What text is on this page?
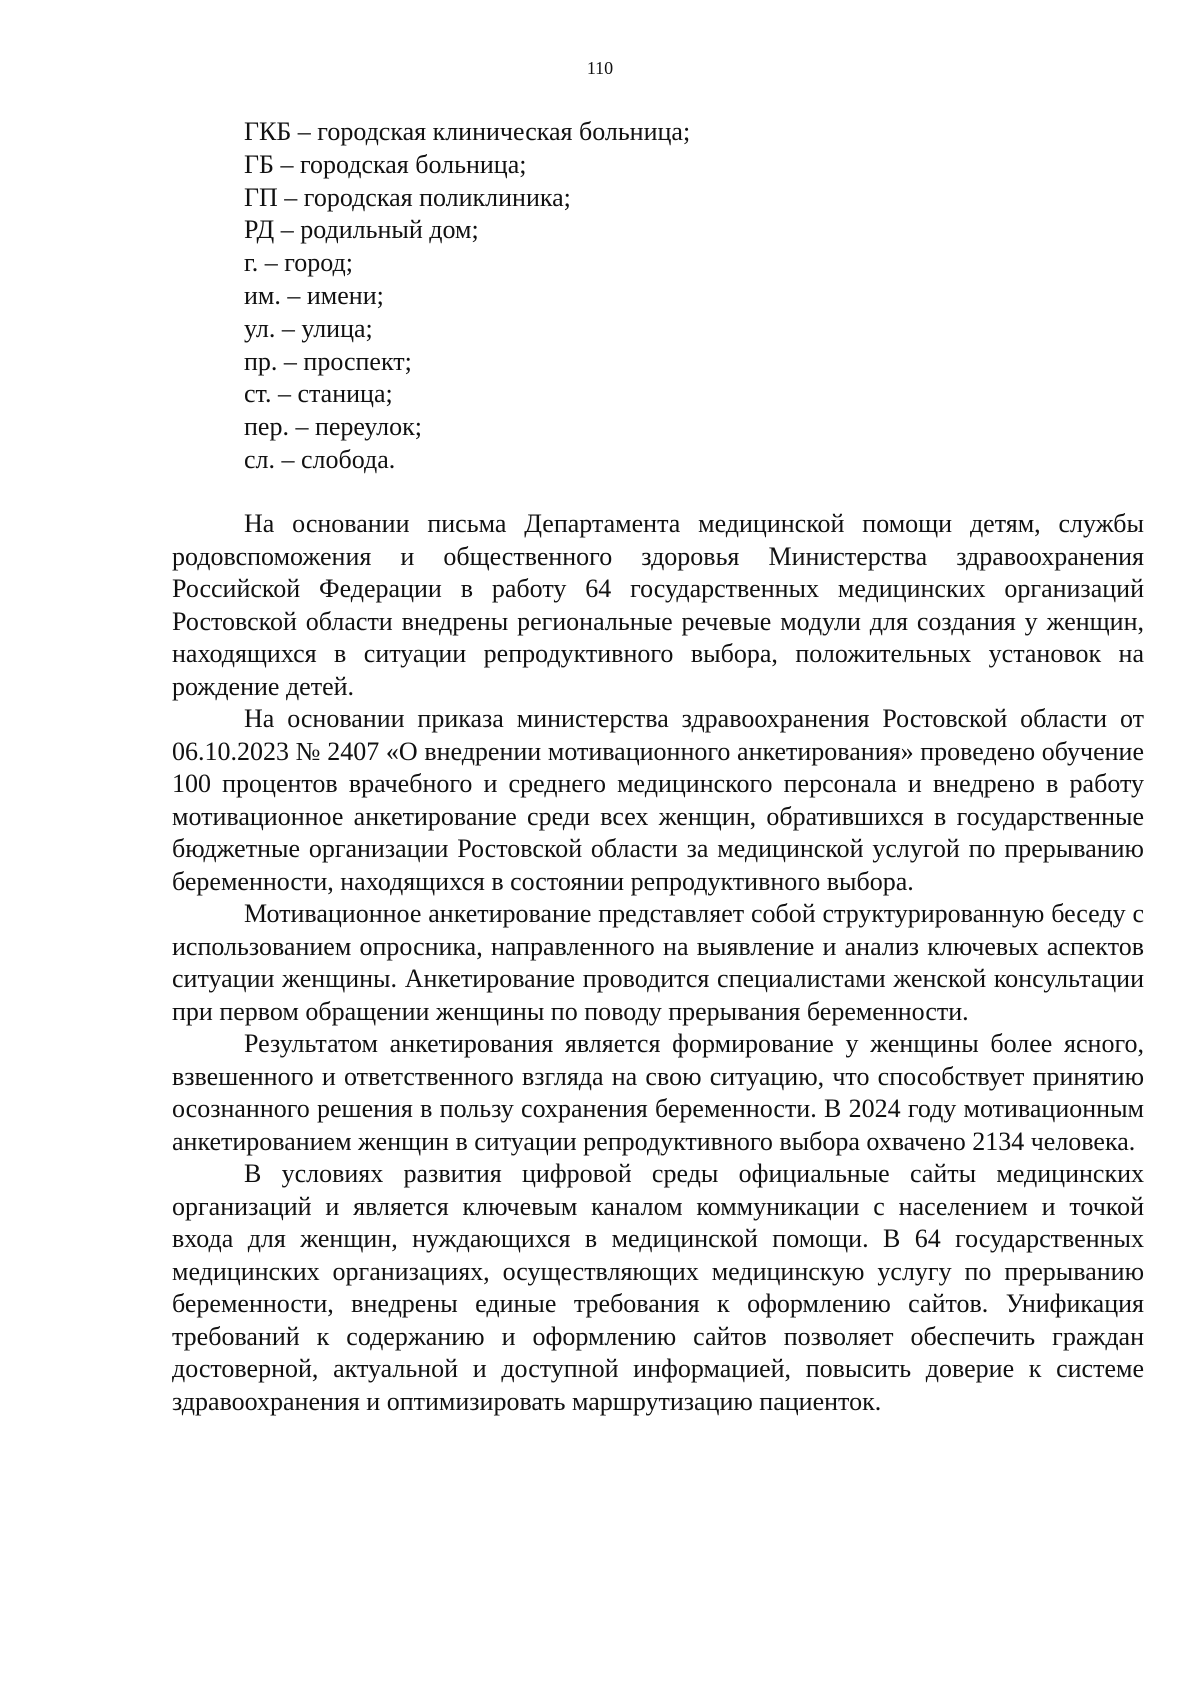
110
ГКБ – городская клиническая больница;
ГБ – городская больница;
ГП – городская поликлиника;
РД – родильный дом;
г. – город;
им. – имени;
ул. – улица;
пр. – проспект;
ст. – станица;
пер. – переулок;
сл. – слобода.

На основании письма Департамента медицинской помощи детям, службы родовспоможения и общественного здоровья Министерства здравоохранения Российской Федерации в работу 64 государственных медицинских организаций Ростовской области внедрены региональные речевые модули для создания у женщин, находящихся в ситуации репродуктивного выбора, положительных установок на рождение детей.

На основании приказа министерства здравоохранения Ростовской области от 06.10.2023 № 2407 «О внедрении мотивационного анкетирования» проведено обучение 100 процентов врачебного и среднего медицинского персонала и внедрено в работу мотивационное анкетирование среди всех женщин, обратившихся в государственные бюджетные организации Ростовской области за медицинской услугой по прерыванию беременности, находящихся в состоянии репродуктивного выбора.

Мотивационное анкетирование представляет собой структурированную беседу с использованием опросника, направленного на выявление и анализ ключевых аспектов ситуации женщины. Анкетирование проводится специалистами женской консультации при первом обращении женщины по поводу прерывания беременности.

Результатом анкетирования является формирование у женщины более ясного, взвешенного и ответственного взгляда на свою ситуацию, что способствует принятию осознанного решения в пользу сохранения беременности. В 2024 году мотивационным анкетированием женщин в ситуации репродуктивного выбора охвачено 2134 человека.

В условиях развития цифровой среды официальные сайты медицинских организаций и является ключевым каналом коммуникации с населением и точкой входа для женщин, нуждающихся в медицинской помощи. В 64 государственных медицинских организациях, осуществляющих медицинскую услугу по прерыванию беременности, внедрены единые требования к оформлению сайтов. Унификация требований к содержанию и оформлению сайтов позволяет обеспечить граждан достоверной, актуальной и доступной информацией, повысить доверие к системе здравоохранения и оптимизировать маршрутизацию пациенток.
